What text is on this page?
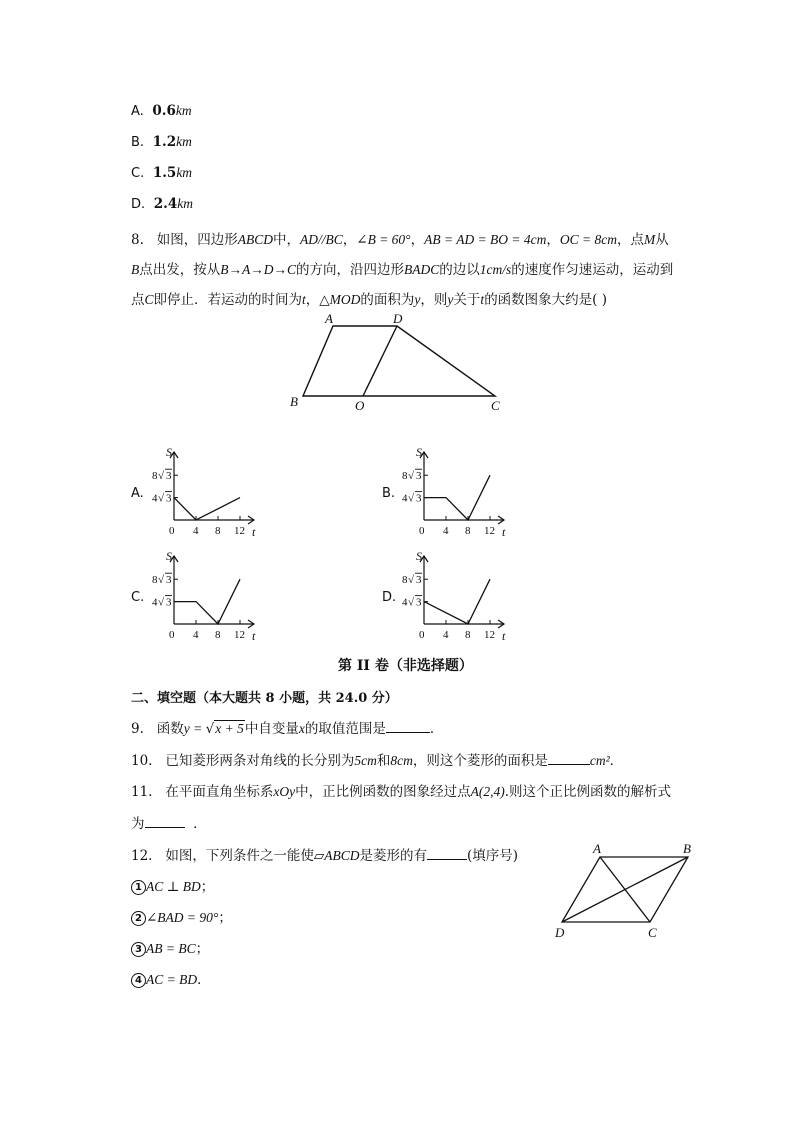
A. 0.6km
B. 1.2km
C. 1.5km
D. 2.4km
8. 如图，四边形ABCD中，AD//BC，∠B = 60°，AB = AD = BO = 4cm，OC = 8cm，点M从
B点出发，按从B→A→D→C的方向，沿四边形BADC的边以1cm/s的速度作匀速运动，运动到
点C即停止．若运动的时间为t，△MOD的面积为y，则y关于t的函数图象大约是( )
A	D
B	O	C
A.	B.
C.	D.
S
t
0 4 8 12
8 √ 3
4 √ 3
S
t
0 4 8 12
8 √ 3
4 √ 3
S
t
0 4 8 12
8 √ 3
4 √ 3
S
t
0 4 8 12
8 √ 3
4 √ 3
第 II 卷（非选择题）
二、填空题（本大题共 8 小题，共 24.0 分）
9. 函数y = √x + 5中自变量x的取值范围是	．
10. 已知菱形两条对角线的长分别为5cm和8cm，则这个菱形的面积是	cm²．
11. 在平面直角坐标系xOy中，正比例函数的图象经过点A(2,4).则这个正比例函数的解析式
为	．
12. 如图，下列条件之一能使▱ABCD是菱形的有	(填序号)
1 AC ⊥ BD；
2 ∠BAD = 90°；
3 AB = BC；
4 AC = BD．
A	B
D	C
